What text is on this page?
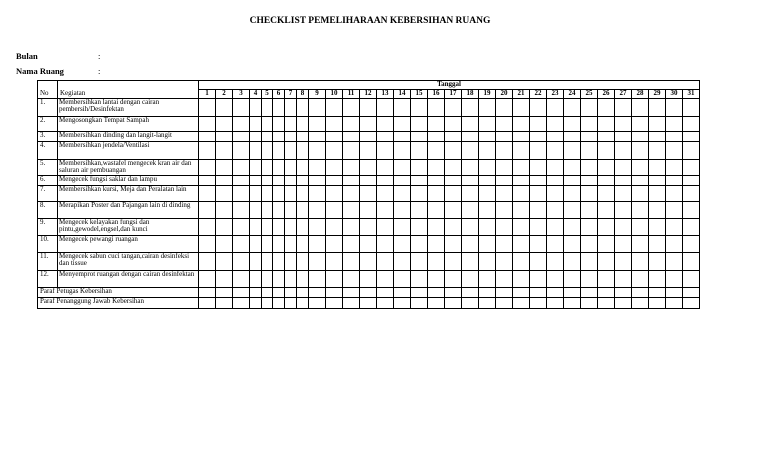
CHECKLIST PEMELIHARAAN KEBERSIHAN RUANG
Bulan	:
Nama Ruang	:
No	Kegiatan	Tanggal																														
		1	2	3	4	5	6	7	8	9	10	11	12	13	14	15	16	17	18	19	20	21	22	23	24	25	26	27	28	29	30	31
1.	Membersihkan lantai dengan cairan pembersih/Desinfektan																															
2.	Mengosongkan Tempat Sampah																															
3.	Membersihkan dinding dan langit-langit																															
4.	Membersihkan jendela/Ventilasi																															
5.	Membersihkan,wastafel mengecek kran air dan saluran air pembuangan																															
6.	Mengecek fungsi saklar dan lampu																															
7.	Membersihkan kursi, Meja dan Peralatan lain																															
8.	Merapikan Poster dan Pajangan lain di dinding																															
9.	Mengecek kelayakan fungsi dan pintu,gewodel,engsel,dan kunci																															
10.	Mengecek pewangi ruangan																															
11.	Mengecek sabun cuci tangan,cairan desinfeksi dan tissue																															
12.	Menyemprot ruangan dengan cairan desinfektan																															
Paraf Petugas Kebersihan																																
Paraf Penanggung Jawab Kebersihan																																
